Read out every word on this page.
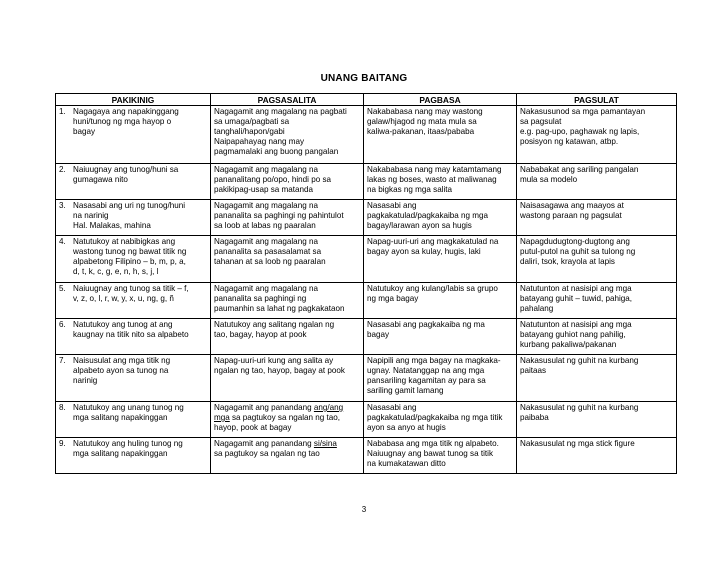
UNANG BAITANG
PAKIKINIG	PAGSASALITA	PAGBASA	PAGSULAT

1. Nagagaya ang napakinggang
huni/tunog ng mga hayop o
bagay	Nagagamit ang magalang na pagbati
sa umaga/pagbati sa
tanghali/hapon/gabi
Naipapahayag nang may
pagmamalaki ang buong pangalan	Nakababasa nang may wastong
galaw/hjagod ng mata mula sa
kaliwa-pakanan, itaas/pababa	Nakasusunod sa mga pamantayan
sa pagsulat
e.g. pag-upo, paghawak ng lapis,
posisyon ng katawan, atbp.

2. Naiuugnay ang tunog/huni sa
gumagawa nito	Nagagamit ang magalang na
pananalitang po/opo, hindi po sa
pakikipag-usap sa matanda	Nakababasa nang may katamtamang
lakas ng boses, wasto at maliwanag
na bigkas ng mga salita	Nababakat ang sariling pangalan
mula sa modelo

3. Nasasabi ang uri ng tunog/huni
na narinig
Hal. Malakas, mahina	Nagagamit ang magalang na
pananalita sa paghingi ng pahintulot
sa loob at labas ng paaralan	Nasasabi ang
pagkakatulad/pagkakaiba ng mga
bagay/larawan ayon sa hugis	Naisasagawa ang maayos at
wastong paraan ng pagsulat

4. Natutukoy at nabibigkas ang
wastong tunog ng bawat titik ng
alpabetong Filipino – b, m, p, a,
d, t, k, c, g, e, n, h, s, j, l	Nagagamit ang magalang na
pananalita sa pasasalamat sa
tahanan at sa loob ng paaralan	Napag-uuri-uri ang magkakatulad na
bagay ayon sa kulay, hugis, laki	Napagdudugtong-dugtong ang
putul-putol na guhit sa tulong ng
daliri, tsok, krayola at lapis

5. Naiuugnay ang tunog sa titik – f,
v, z, o, l, r, w, y, x, u, ng, g, ñ	Nagagamit ang magalang na
pananalita sa paghingi ng
paumanhin sa lahat ng pagkakataon	Natutukoy ang kulang/labis sa grupo
ng mga bagay	Natutunton at nasisipi ang mga
batayang guhit – tuwid, pahiga,
pahalang

6. Natutukoy ang tunog at ang
kaugnay na titik nito sa alpabeto	Natutukoy ang salitang ngalan ng
tao, bagay, hayop at pook	Nasasabi ang pagkakaiba ng ma
bagay	Natutunton at nasisipi ang mga
batayang guhiot nang pahilig,
kurbang pakaliwa/pakanan

7. Naisusulat ang mga titik ng
alpabeto ayon sa tunog na
narinig	Napag-uuri-uri kung ang salita ay
ngalan ng tao, hayop, bagay at pook	Napipili ang mga bagay na magkaka-
ugnay. Natatanggap na ang mga
pansariling kagamitan ay para sa
sariling gamit lamang	Nakasusulat ng guhit na kurbang
paitaas

8. Natutukoy ang unang tunog ng
mga salitang napakinggan	Nagagamit ang panandang ang/ang
mga sa pagtukoy sa ngalan ng tao,
hayop, pook at bagay	Nasasabi ang
pagkakatulad/pagkakaiba ng mga titik
ayon sa anyo at hugis	Nakasusulat ng guhit na kurbang
paibaba

9. Natutukoy ang huling tunog ng
mga salitang napakinggan	Nagagamit ang panandang si/sina
sa pagtukoy sa ngalan ng tao	Nababasa ang mga titik ng alpabeto.
Naiuugnay ang bawat tunog sa titik
na kumakatawan ditto	Nakasusulat ng mga stick figure
3
